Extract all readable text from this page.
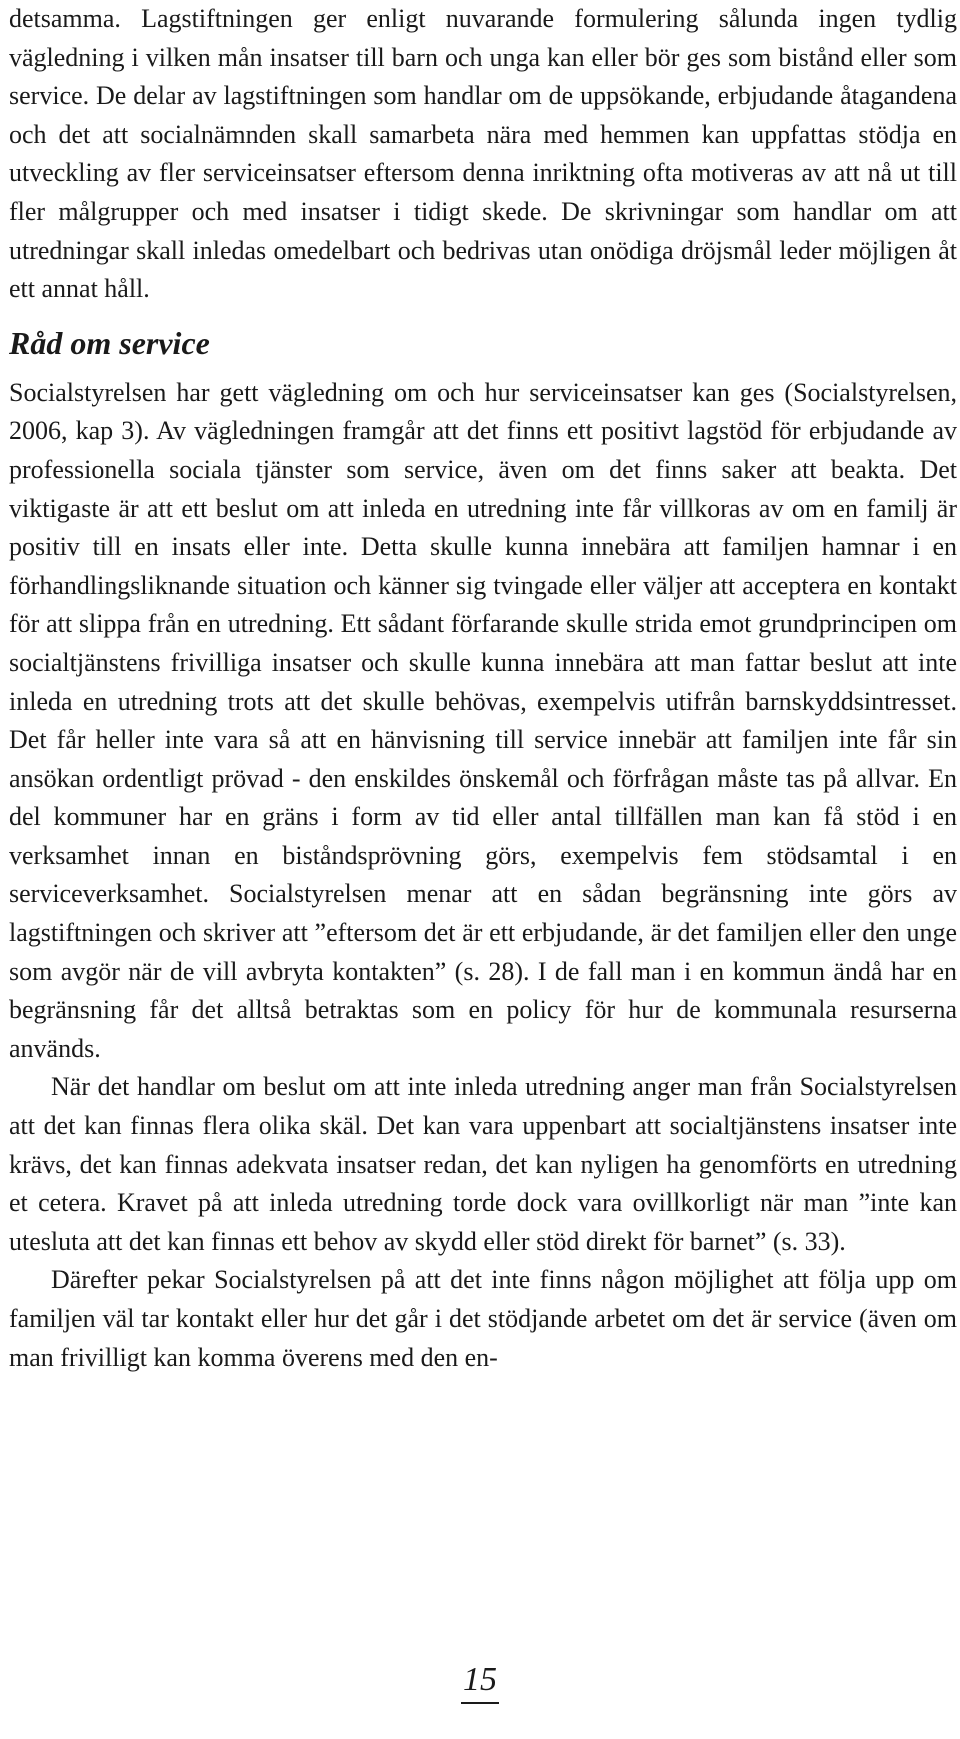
detsamma. Lagstiftningen ger enligt nuvarande formulering sålunda ingen tydlig vägledning i vilken mån insatser till barn och unga kan eller bör ges som bistånd eller som service. De delar av lagstiftningen som handlar om de uppsökande, erbjudande åtagandena och det att socialnämnden skall samarbeta nära med hemmen kan uppfattas stödja en utveckling av fler serviceinsatser eftersom denna inriktning ofta motiveras av att nå ut till fler målgrupper och med insatser i tidigt skede. De skrivningar som handlar om att utredningar skall inledas omedelbart och bedrivas utan onödiga dröjsmål leder möjligen åt ett annat håll.

Råd om service

Socialstyrelsen har gett vägledning om och hur serviceinsatser kan ges (Socialstyrelsen, 2006, kap 3). Av vägledningen framgår att det finns ett positivt lagstöd för erbjudande av professionella sociala tjänster som service, även om det finns saker att beakta. Det viktigaste är att ett beslut om att inleda en utredning inte får villkoras av om en familj är positiv till en insats eller inte. Detta skulle kunna innebära att familjen hamnar i en förhandlingsliknande situation och känner sig tvingade eller väljer att acceptera en kontakt för att slippa från en utredning. Ett sådant förfarande skulle strida emot grundprincipen om socialtjänstens frivilliga insatser och skulle kunna innebära att man fattar beslut att inte inleda en utredning trots att det skulle behövas, exempelvis utifrån barnskyddsintresset. Det får heller inte vara så att en hänvisning till service innebär att familjen inte får sin ansökan ordentligt prövad - den enskildes önskemål och förfrågan måste tas på allvar. En del kommuner har en gräns i form av tid eller antal tillfällen man kan få stöd i en verksamhet innan en biståndsprövning görs, exempelvis fem stödsamtal i en serviceverksamhet. Socialstyrelsen menar att en sådan begränsning inte görs av lagstiftningen och skriver att ”eftersom det är ett erbjudande, är det familjen eller den unge som avgör när de vill avbryta kontakten” (s. 28). I de fall man i en kommun ändå har en begränsning får det alltså betraktas som en policy för hur de kommunala resurserna används.

När det handlar om beslut om att inte inleda utredning anger man från Socialstyrelsen att det kan finnas flera olika skäl. Det kan vara uppenbart att socialtjänstens insatser inte krävs, det kan finnas adekvata insatser redan, det kan nyligen ha genomförts en utredning et cetera. Kravet på att inleda utredning torde dock vara ovillkorligt när man ”inte kan utesluta att det kan finnas ett behov av skydd eller stöd direkt för barnet” (s. 33).

Därefter pekar Socialstyrelsen på att det inte finns någon möjlighet att följa upp om familjen väl tar kontakt eller hur det går i det stödjande arbetet om det är service (även om man frivilligt kan komma överens med den en-

15
